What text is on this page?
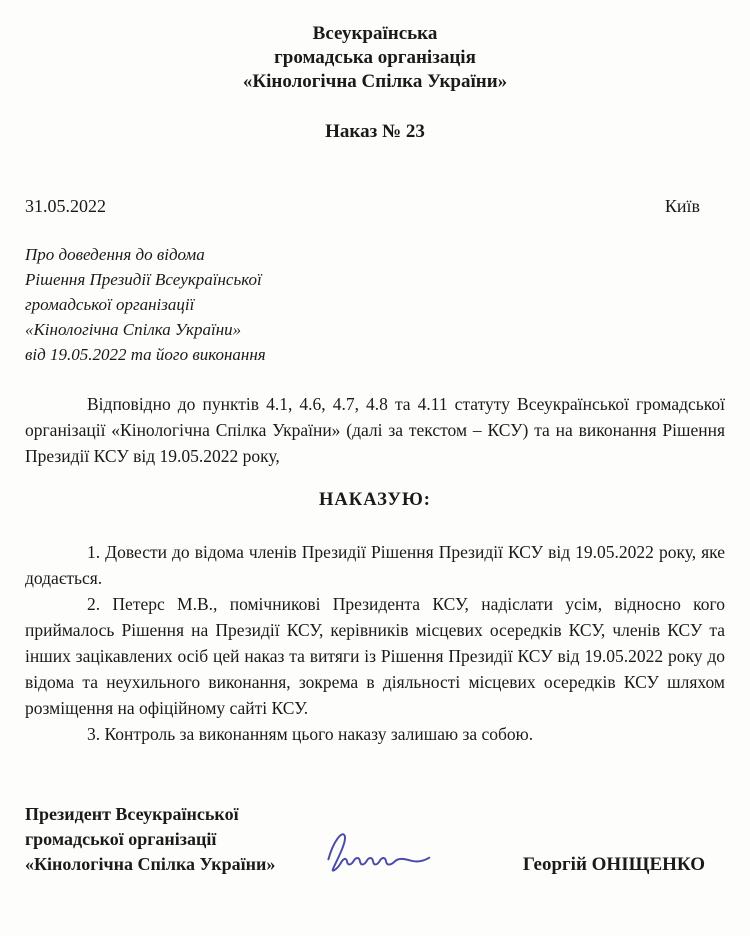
Всеукраїнська
громадська організація
«Кінологічна Спілка України»
Наказ № 23
31.05.2022	Київ
Про доведення до відома
Рішення Президії Всеукраїнської
громадської організації
«Кінологічна Спілка України»
від 19.05.2022 та його виконання

Відповідно до пунктів 4.1, 4.6, 4.7, 4.8 та 4.11 статуту Всеукраїнської громадської організації «Кінологічна Спілка України» (далі за текстом – КСУ) та на виконання Рішення Президії КСУ від 19.05.2022 року,

НАКАЗУЮ:

1. Довести до відома членів Президії Рішення Президії КСУ від 19.05.2022 року, яке додається.

2. Петерс М.В., помічникові Президента КСУ, надіслати усім, відносно кого приймалось Рішення на Президії КСУ, керівників місцевих осередків КСУ, членів КСУ та інших зацікавлених осіб цей наказ та витяги із Рішення Президії КСУ від 19.05.2022 року до відома та неухильного виконання, зокрема в діяльності місцевих осередків КСУ шляхом розміщення на офіційному сайті КСУ.

3. Контроль за виконанням цього наказу залишаю за собою.

Президент Всеукраїнської
громадської організації
«Кінологічна Спілка України»	Георгій ОНІЩЕНКО
